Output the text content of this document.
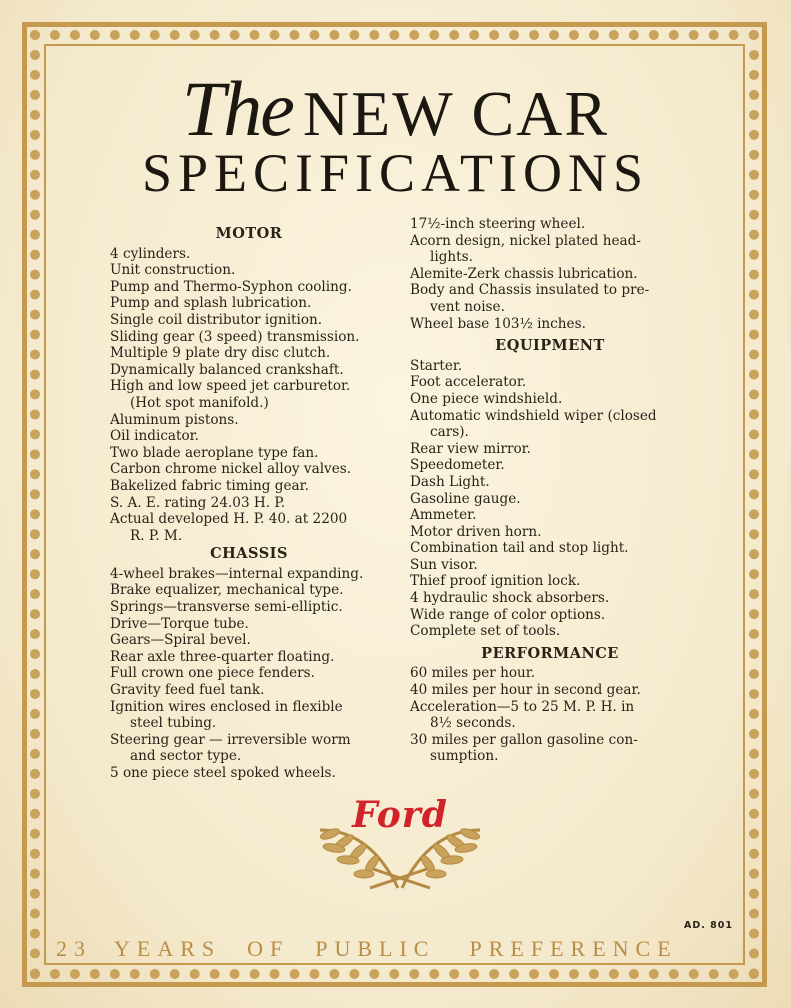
The NEW CAR
SPECIFICATIONS
MOTOR
4 cylinders.
Unit construction.
Pump and Thermo-Syphon cooling.
Pump and splash lubrication.
Single coil distributor ignition.
Sliding gear (3 speed) transmission.
Multiple 9 plate dry disc clutch.
Dynamically balanced crankshaft.
High and low speed jet carburetor.
(Hot spot manifold.)
Aluminum pistons.
Oil indicator.
Two blade aeroplane type fan.
Carbon chrome nickel alloy valves.
Bakelized fabric timing gear.
S. A. E. rating 24.03 H. P.
Actual developed H. P. 40. at 2200
R. P. M.
CHASSIS
4-wheel brakes—internal expanding.
Brake equalizer, mechanical type.
Springs—transverse semi-elliptic.
Drive—Torque tube.
Gears—Spiral bevel.
Rear axle three-quarter floating.
Full crown one piece fenders.
Gravity feed fuel tank.
Ignition wires enclosed in flexible
steel tubing.
Steering gear — irreversible worm
and sector type.
5 one piece steel spoked wheels.
17½-inch steering wheel.
Acorn design, nickel plated head-
lights.
Alemite-Zerk chassis lubrication.
Body and Chassis insulated to pre-
vent noise.
Wheel base 103½ inches.
EQUIPMENT
Starter.
Foot accelerator.
One piece windshield.
Automatic windshield wiper (closed
cars).
Rear view mirror.
Speedometer.
Dash Light.
Gasoline gauge.
Ammeter.
Motor driven horn.
Combination tail and stop light.
Sun visor.
Thief proof ignition lock.
4 hydraulic shock absorbers.
Wide range of color options.
Complete set of tools.
PERFORMANCE
60 miles per hour.
40 miles per hour in second gear.
Acceleration—5 to 25 M. P. H. in
8½ seconds.
30 miles per gallon gasoline con-
sumption.
Ford
AD. 801
23 YEARS OF PUBLIC PREFERENCE
